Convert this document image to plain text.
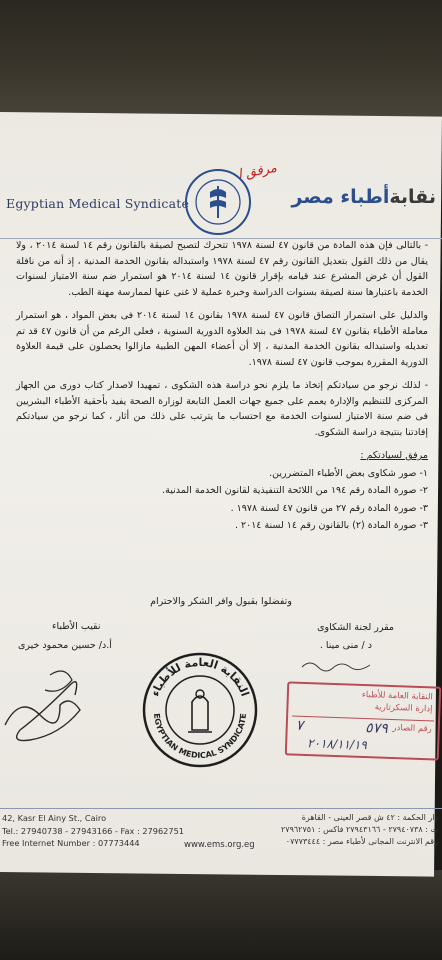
Egyptian Medical Syndicate
مرفق ا
نقابةأطباء مصر

- بالتالى فإن هذه المادة من قانون ٤٧ لسنة ١٩٧٨ تتحرك لتصبح لصيقة بالقانون رقم ١٤ لسنة ٢٠١٤ ، ولا يقال من ذلك القول بتعديل القانون رقم ٤٧ لسنة ١٩٧٨ واستبداله بقانون الخدمة المدنية ، إذ أنه من نافلة القول أن غرض المشرع عند قيامه بإقرار قانون ١٤ لسنة ٢٠١٤ هو استمرار ضم سنة الامتياز لسنوات الخدمة باعتبارها سنة لصيقة بسنوات الدراسة وخبرة عملية لا غنى عنها لممارسة مهنة الطب.

والدليل على استمرار التصاق قانون ٤٧ لسنة ١٩٧٨ بقانون ١٤ لسنة ٢٠١٤ فى بعض المواد ، هو استمرار معاملة الأطباء بقانون ٤٧ لسنة ١٩٧٨ فى بند العلاوة الدورية السنوية ، فعلى الرغم من أن قانون ٤٧ قد تم تعديله واستبداله بقانون الخدمة المدنية ، إلا أن أعضاء المهن الطبية مازالوا يحصلون على قيمة العلاوة الدورية المقررة بموجب قانون ٤٧ لسنة ١٩٧٨.

- لذلك نرجو من سيادتكم إتخاذ ما يلزم نحو دراسة هذه الشكوى ، تمهيدا لاصدار كتاب دورى من الجهاز المركزى للتنظيم والإدارة يعمم على جميع جهات العمل التابعة لوزارة الصحة يفيد بأحقية الأطباء البشريين فى ضم سنة الامتياز لسنوات الخدمة مع احتساب ما يترتب على ذلك من أثار ، كما نرجو من سيادتكم إفادتنا بنتيجة دراسة الشكوى.

مرفق لسيادتكم :
١- صور شكاوى بعض الأطباء المتضررين.
٢- صورة المادة رقم ١٩٤ من اللائحة التنفيذية لقانون الخدمة المدنية.
٣- صورة المادة رقم ٢٧ من قانون ٤٧ لسنة ١٩٧٨ .
٣- صورة المادة (٢) بالقانون رقم ١٤ لسنة ٢٠١٤ .
وتفضلوا بقبول وافر الشكر والاحترام
نقيب الأطباء
أ.د/ حسين محمود خيرى
مقرر لجنة الشكاوى
د / منى مينا .
النقابة العامة للأطباء
EGYPTIAN MEDICAL SYNDICATE
النقابة العامة للأطباء
إدارة السكرتارية
رقم الصادر
٥٧٩
٧
٢٠١٨/١١/١٩
42, Kasr El Ainy St., Cairo
Tel.: 27940738 - 27943166 - Fax : 27962751
Free Internet Number : 07773444	www.ems.org.eg
دار الحكمة : ٤٢ ش قصر العينى - القاهرة
ت : ٢٧٩٤٠٧٣٨ - ٢٧٩٤٣١٦٦ فاكس : ٢٧٩٦٢٧٥١
رقم الانترنت المجانى لأطباء مصر : ٠٧٧٧٣٤٤٤
